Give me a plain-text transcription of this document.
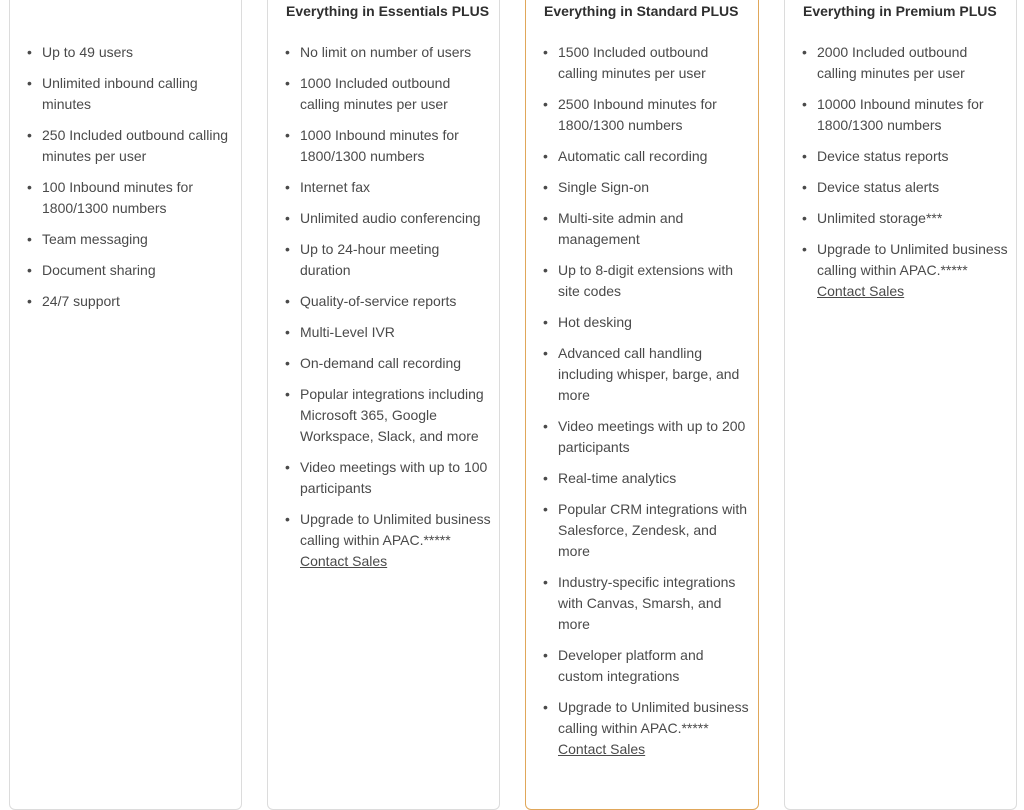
• Up to 49 users
• Unlimited inbound calling minutes
• 250 Included outbound calling minutes per user
• 100 Inbound minutes for 1800/1300 numbers
• Team messaging
• Document sharing
• 24/7 support
Everything in Essentials PLUS
• No limit on number of users
• 1000 Included outbound calling minutes per user
• 1000 Inbound minutes for 1800/1300 numbers
• Internet fax
• Unlimited audio conferencing
• Up to 24-hour meeting duration
• Quality-of-service reports
• Multi-Level IVR
• On-demand call recording
• Popular integrations including Microsoft 365, Google Workspace, Slack, and more
• Video meetings with up to 100 participants
• Upgrade to Unlimited business calling within APAC.*****
Contact Sales
Everything in Standard PLUS
• 1500 Included outbound calling minutes per user
• 2500 Inbound minutes for 1800/1300 numbers
• Automatic call recording
• Single Sign-on
• Multi-site admin and management
• Up to 8-digit extensions with site codes
• Hot desking
• Advanced call handling including whisper, barge, and more
• Video meetings with up to 200 participants
• Real-time analytics
• Popular CRM integrations with Salesforce, Zendesk, and more
• Industry-specific integrations with Canvas, Smarsh, and more
• Developer platform and custom integrations
• Upgrade to Unlimited business calling within APAC.*****
Contact Sales
Everything in Premium PLUS
• 2000 Included outbound calling minutes per user
• 10000 Inbound minutes for 1800/1300 numbers
• Device status reports
• Device status alerts
• Unlimited storage***
• Upgrade to Unlimited business calling within APAC.*****
Contact Sales
